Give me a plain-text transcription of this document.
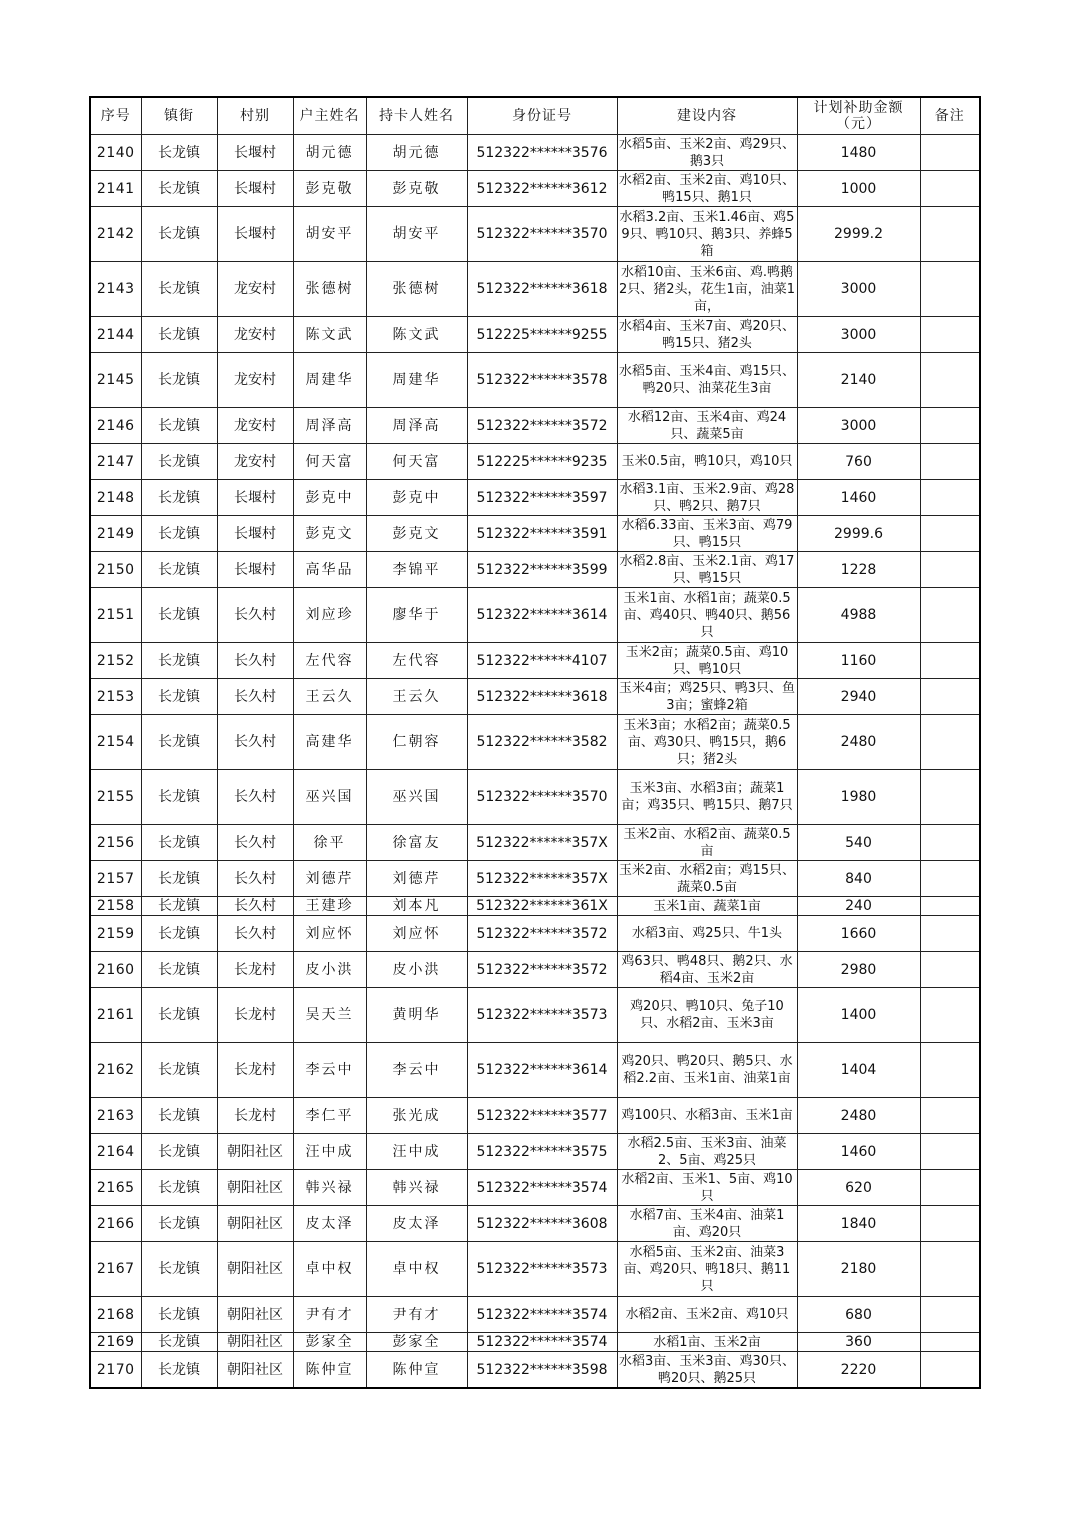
序号	镇街	村别	户主姓名	持卡人姓名	身份证号	建设内容	计划补助金额（元）	备注
2140	长龙镇	长堰村	胡元德	胡元德	512322******3576	水稻5亩、玉米2亩、鸡29只、鹅3只	1480	
2141	长龙镇	长堰村	彭克敬	彭克敬	512322******3612	水稻2亩、玉米2亩、鸡10只、鸭15只、鹅1只	1000	
2142	长龙镇	长堰村	胡安平	胡安平	512322******3570	水稻3.2亩、玉米1.46亩、鸡59只、鸭10只、鹅3只、养蜂5箱	2999.2	
2143	长龙镇	龙安村	张德树	张德树	512322******3618	水稻10亩、玉米6亩、鸡.鸭鹅2只、猪2头，花生1亩，油菜1亩，	3000	
2144	长龙镇	龙安村	陈文武	陈文武	512225******9255	水稻4亩、玉米7亩、鸡20只、鸭15只、猪2头	3000	
2145	长龙镇	龙安村	周建华	周建华	512322******3578	水稻5亩、玉米4亩、鸡15只、鸭20只、油菜花生3亩	2140	
2146	长龙镇	龙安村	周泽高	周泽高	512322******3572	水稻12亩、玉米4亩、鸡24只、蔬菜5亩	3000	
2147	长龙镇	龙安村	何天富	何天富	512225******9235	玉米0.5亩，鸭10只，鸡10只	760	
2148	长龙镇	长堰村	彭克中	彭克中	512322******3597	水稻3.1亩、玉米2.9亩、鸡28只、鸭2只、鹅7只	1460	
2149	长龙镇	长堰村	彭克文	彭克文	512322******3591	水稻6.33亩、玉米3亩、鸡79只、鸭15只	2999.6	
2150	长龙镇	长堰村	高华品	李锦平	512322******3599	水稻2.8亩、玉米2.1亩、鸡17只、鸭15只	1228	
2151	长龙镇	长久村	刘应珍	廖华于	512322******3614	玉米1亩、水稻1亩；蔬菜0.5亩、鸡40只、鸭40只、鹅56只	4988	
2152	长龙镇	长久村	左代容	左代容	512322******4107	玉米2亩；蔬菜0.5亩、鸡10只、鸭10只	1160	
2153	长龙镇	长久村	王云久	王云久	512322******3618	玉米4亩；鸡25只、鸭3只、鱼3亩；蜜蜂2箱	2940	
2154	长龙镇	长久村	高建华	仁朝容	512322******3582	玉米3亩；水稻2亩；蔬菜0.5亩、鸡30只、鸭15只，鹅6只；猪2头	2480	
2155	长龙镇	长久村	巫兴国	巫兴国	512322******3570	玉米3亩、水稻3亩；蔬菜1亩；鸡35只、鸭15只、鹅7只	1980	
2156	长龙镇	长久村	徐平	徐富友	512322******357X	玉米2亩、水稻2亩、蔬菜0.5亩	540	
2157	长龙镇	长久村	刘德芹	刘德芹	512322******357X	玉米2亩、水稻2亩；鸡15只、蔬菜0.5亩	840	
2158	长龙镇	长久村	王建珍	刘本凡	512322******361X	玉米1亩、蔬菜1亩	240	
2159	长龙镇	长久村	刘应怀	刘应怀	512322******3572	水稻3亩、鸡25只、牛1头	1660	
2160	长龙镇	长龙村	皮小洪	皮小洪	512322******3572	鸡63只、鸭48只、鹅2只、水稻4亩、玉米2亩	2980	
2161	长龙镇	长龙村	吴天兰	黄明华	512322******3573	鸡20只、鸭10只、兔子10只、水稻2亩、玉米3亩	1400	
2162	长龙镇	长龙村	李云中	李云中	512322******3614	鸡20只、鸭20只、鹅5只、水稻2.2亩、玉米1亩、油菜1亩	1404	
2163	长龙镇	长龙村	李仁平	张光成	512322******3577	鸡100只、水稻3亩、玉米1亩	2480	
2164	长龙镇	朝阳社区	汪中成	汪中成	512322******3575	水稻2.5亩、玉米3亩、油菜2、5亩、鸡25只	1460	
2165	长龙镇	朝阳社区	韩兴禄	韩兴禄	512322******3574	水稻2亩、玉米1、5亩、鸡10只	620	
2166	长龙镇	朝阳社区	皮太泽	皮太泽	512322******3608	水稻7亩、玉米4亩、油菜1亩、鸡20只	1840	
2167	长龙镇	朝阳社区	卓中权	卓中权	512322******3573	水稻5亩、玉米2亩、油菜3亩、鸡20只、鸭18只、鹅11只	2180	
2168	长龙镇	朝阳社区	尹有才	尹有才	512322******3574	水稻2亩、玉米2亩、鸡10只	680	
2169	长龙镇	朝阳社区	彭家全	彭家全	512322******3574	水稻1亩、玉米2亩	360	
2170	长龙镇	朝阳社区	陈仲宣	陈仲宣	512322******3598	水稻3亩、玉米3亩、鸡30只、鸭20只、鹅25只	2220	
